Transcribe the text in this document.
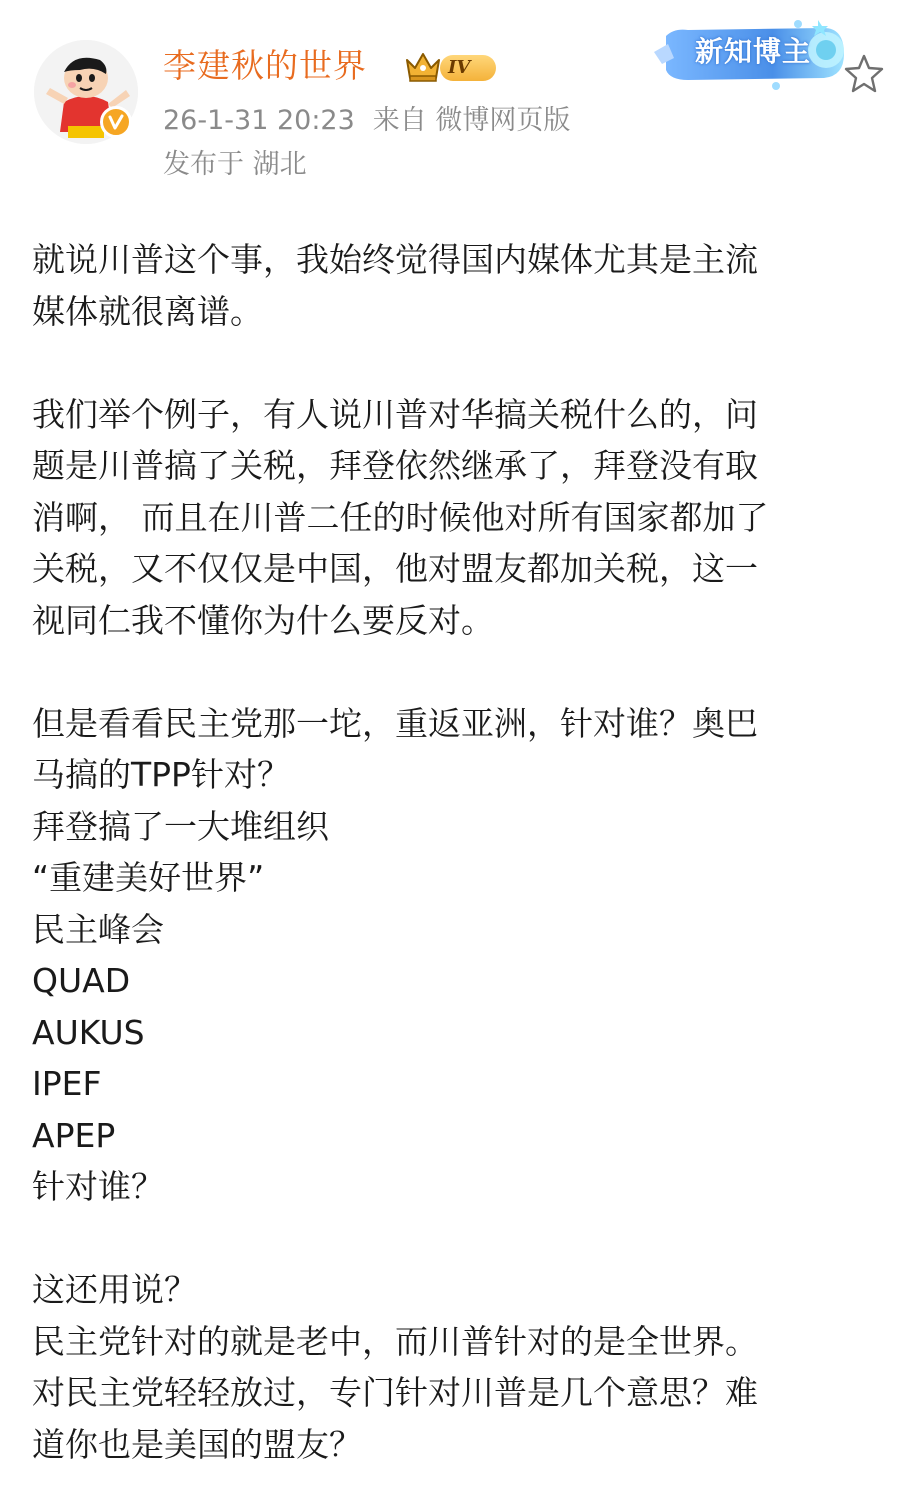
李建秋的世界	IV
26-1-31 20:23 来自 微博网页版
发布于 湖北
新知博主
就说川普这个事，我始终觉得国内媒体尤其是主流
媒体就很离谱。
我们举个例子，有人说川普对华搞关税什么的，问
题是川普搞了关税，拜登依然继承了，拜登没有取
消啊， 而且在川普二任的时候他对所有国家都加了
关税，又不仅仅是中国，他对盟友都加关税，这一
视同仁我不懂你为什么要反对。
但是看看民主党那一坨，重返亚洲，针对谁？奥巴
马搞的TPP针对？
拜登搞了一大堆组织
“重建美好世界”
民主峰会
QUAD
AUKUS
IPEF
APEP
针对谁？
这还用说？
民主党针对的就是老中，而川普针对的是全世界。
对民主党轻轻放过，专门针对川普是几个意思？难
道你也是美国的盟友？
